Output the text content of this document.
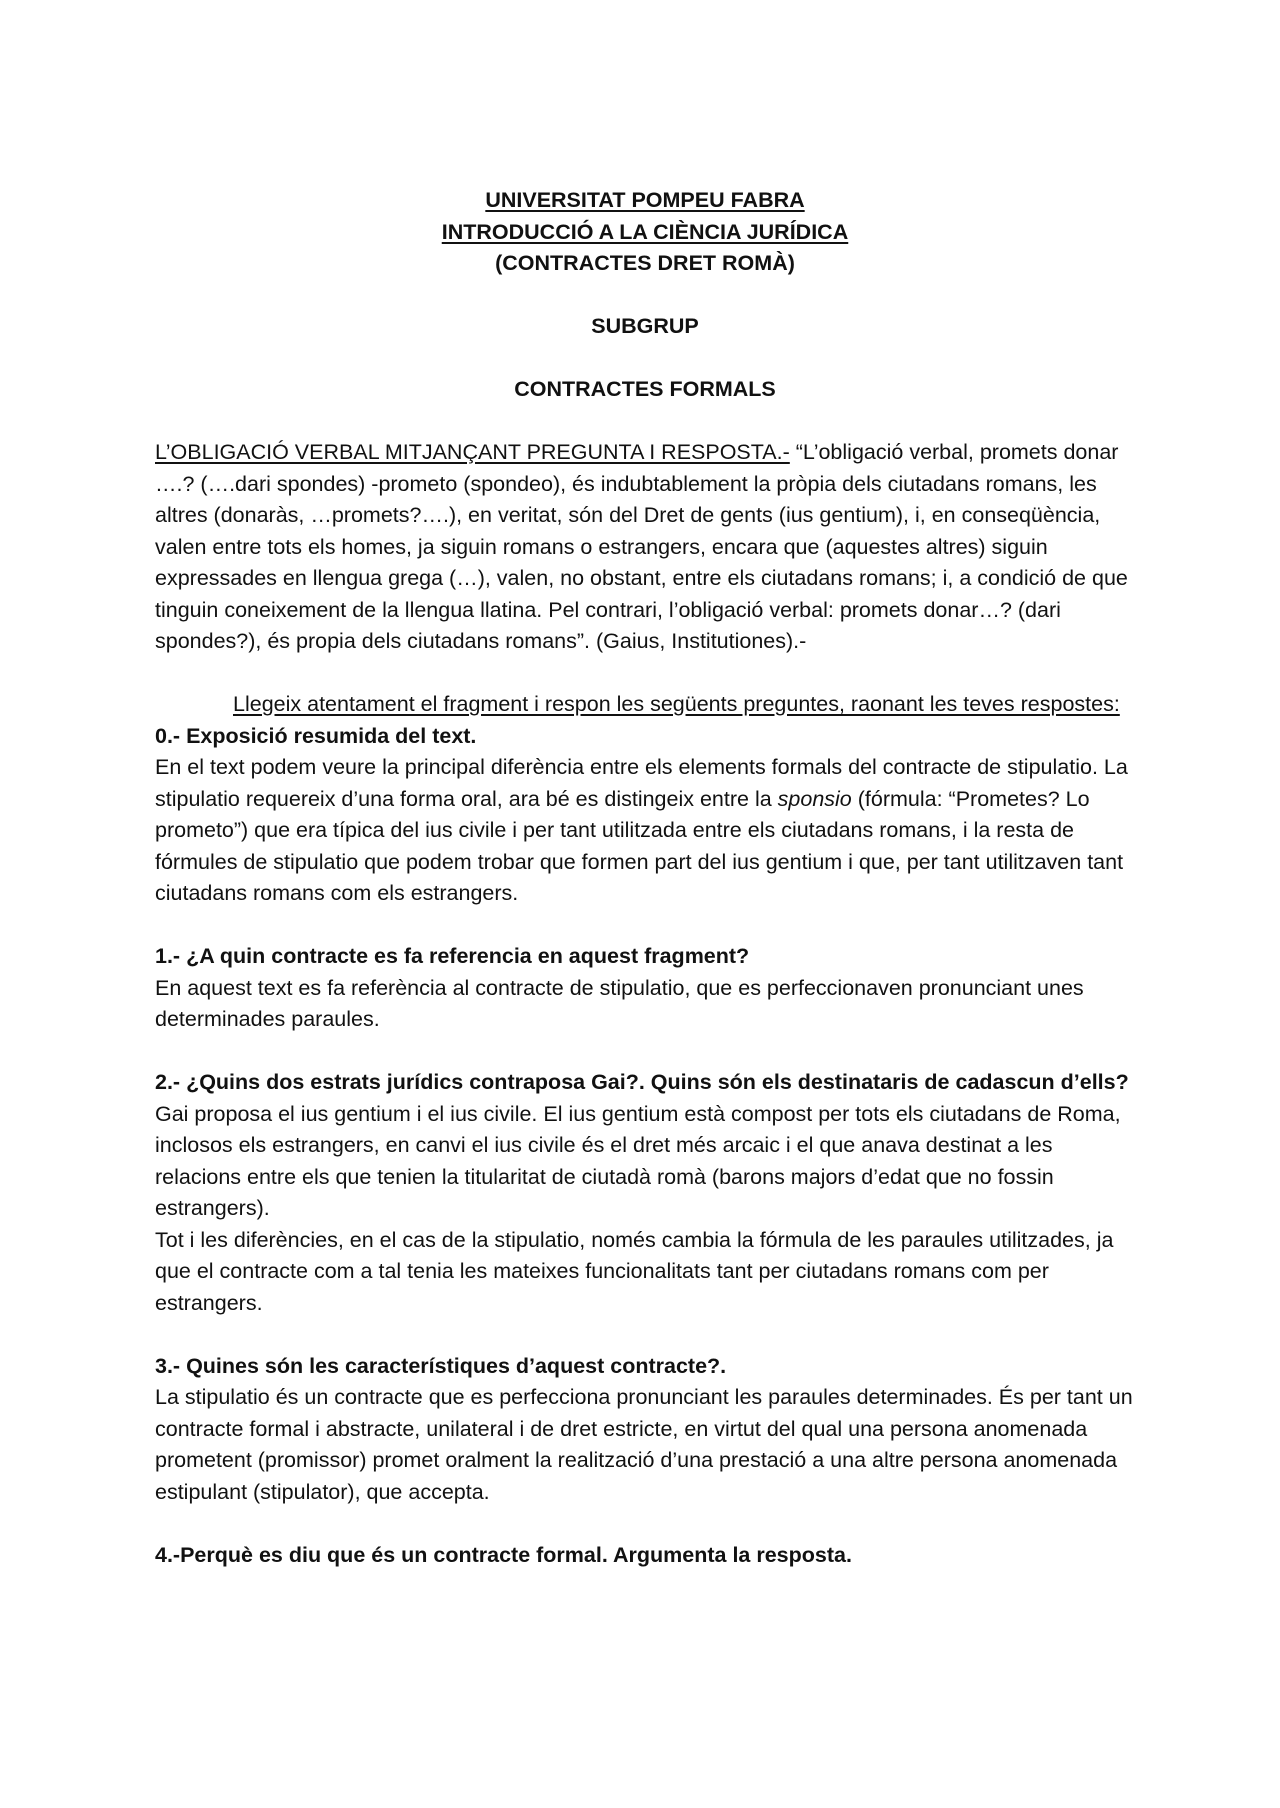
UNIVERSITAT POMPEU FABRA
INTRODUCCIÓ A LA CIÈNCIA JURÍDICA
(CONTRACTES DRET ROMÀ)
SUBGRUP
CONTRACTES FORMALS

L’OBLIGACIÓ VERBAL MITJANÇANT PREGUNTA I RESPOSTA.- “L’obligació verbal, promets donar ….? (….dari spondes) -prometo (spondeo), és indubtablement la pròpia dels ciutadans romans, les altres (donaràs, …promets?….), en veritat, són del Dret de gents (ius gentium), i, en conseqüència, valen entre tots els homes, ja siguin romans o estrangers, encara que (aquestes altres) siguin expressades en llengua grega (…), valen, no obstant, entre els ciutadans romans; i, a condició de que tinguin coneixement de la llengua llatina. Pel contrari, l’obligació verbal: promets donar…? (dari spondes?), és propia dels ciutadans romans”. (Gaius, Institutiones).-

Llegeix atentament el fragment i respon les següents preguntes, raonant les teves respostes:

0.- Exposició resumida del text.

En el text podem veure la principal diferència entre els elements formals del contracte de stipulatio. La stipulatio requereix d’una forma oral, ara bé es distingeix entre la sponsio (fórmula: “Prometes? Lo prometo”) que era típica del ius civile i per tant utilitzada entre els ciutadans romans, i la resta de fórmules de stipulatio que podem trobar que formen part del ius gentium i que, per tant utilitzaven tant ciutadans romans com els estrangers.

1.- ¿A quin contracte es fa referencia en aquest fragment?

En aquest text es fa referència al contracte de stipulatio, que es perfeccionaven pronunciant unes determinades paraules.

2.- ¿Quins dos estrats jurídics contraposa Gai?. Quins són els destinataris de cadascun d’ells?

Gai proposa el ius gentium i el ius civile. El ius gentium està compost per tots els ciutadans de Roma, inclosos els estrangers, en canvi el ius civile és el dret més arcaic i el que anava destinat a les relacions entre els que tenien la titularitat de ciutadà romà (barons majors d’edat que no fossin estrangers).

Tot i les diferències, en el cas de la stipulatio, només cambia la fórmula de les paraules utilitzades, ja que el contracte com a tal tenia les mateixes funcionalitats tant per ciutadans romans com per estrangers.

3.- Quines són les característiques d’aquest contracte?.

La stipulatio és un contracte que es perfecciona pronunciant les paraules determinades. És per tant un contracte formal i abstracte, unilateral i de dret estricte, en virtut del qual una persona anomenada prometent (promissor) promet oralment la realització d’una prestació a una altre persona anomenada estipulant (stipulator), que accepta.

4.-Perquè es diu que és un contracte formal. Argumenta la resposta.
